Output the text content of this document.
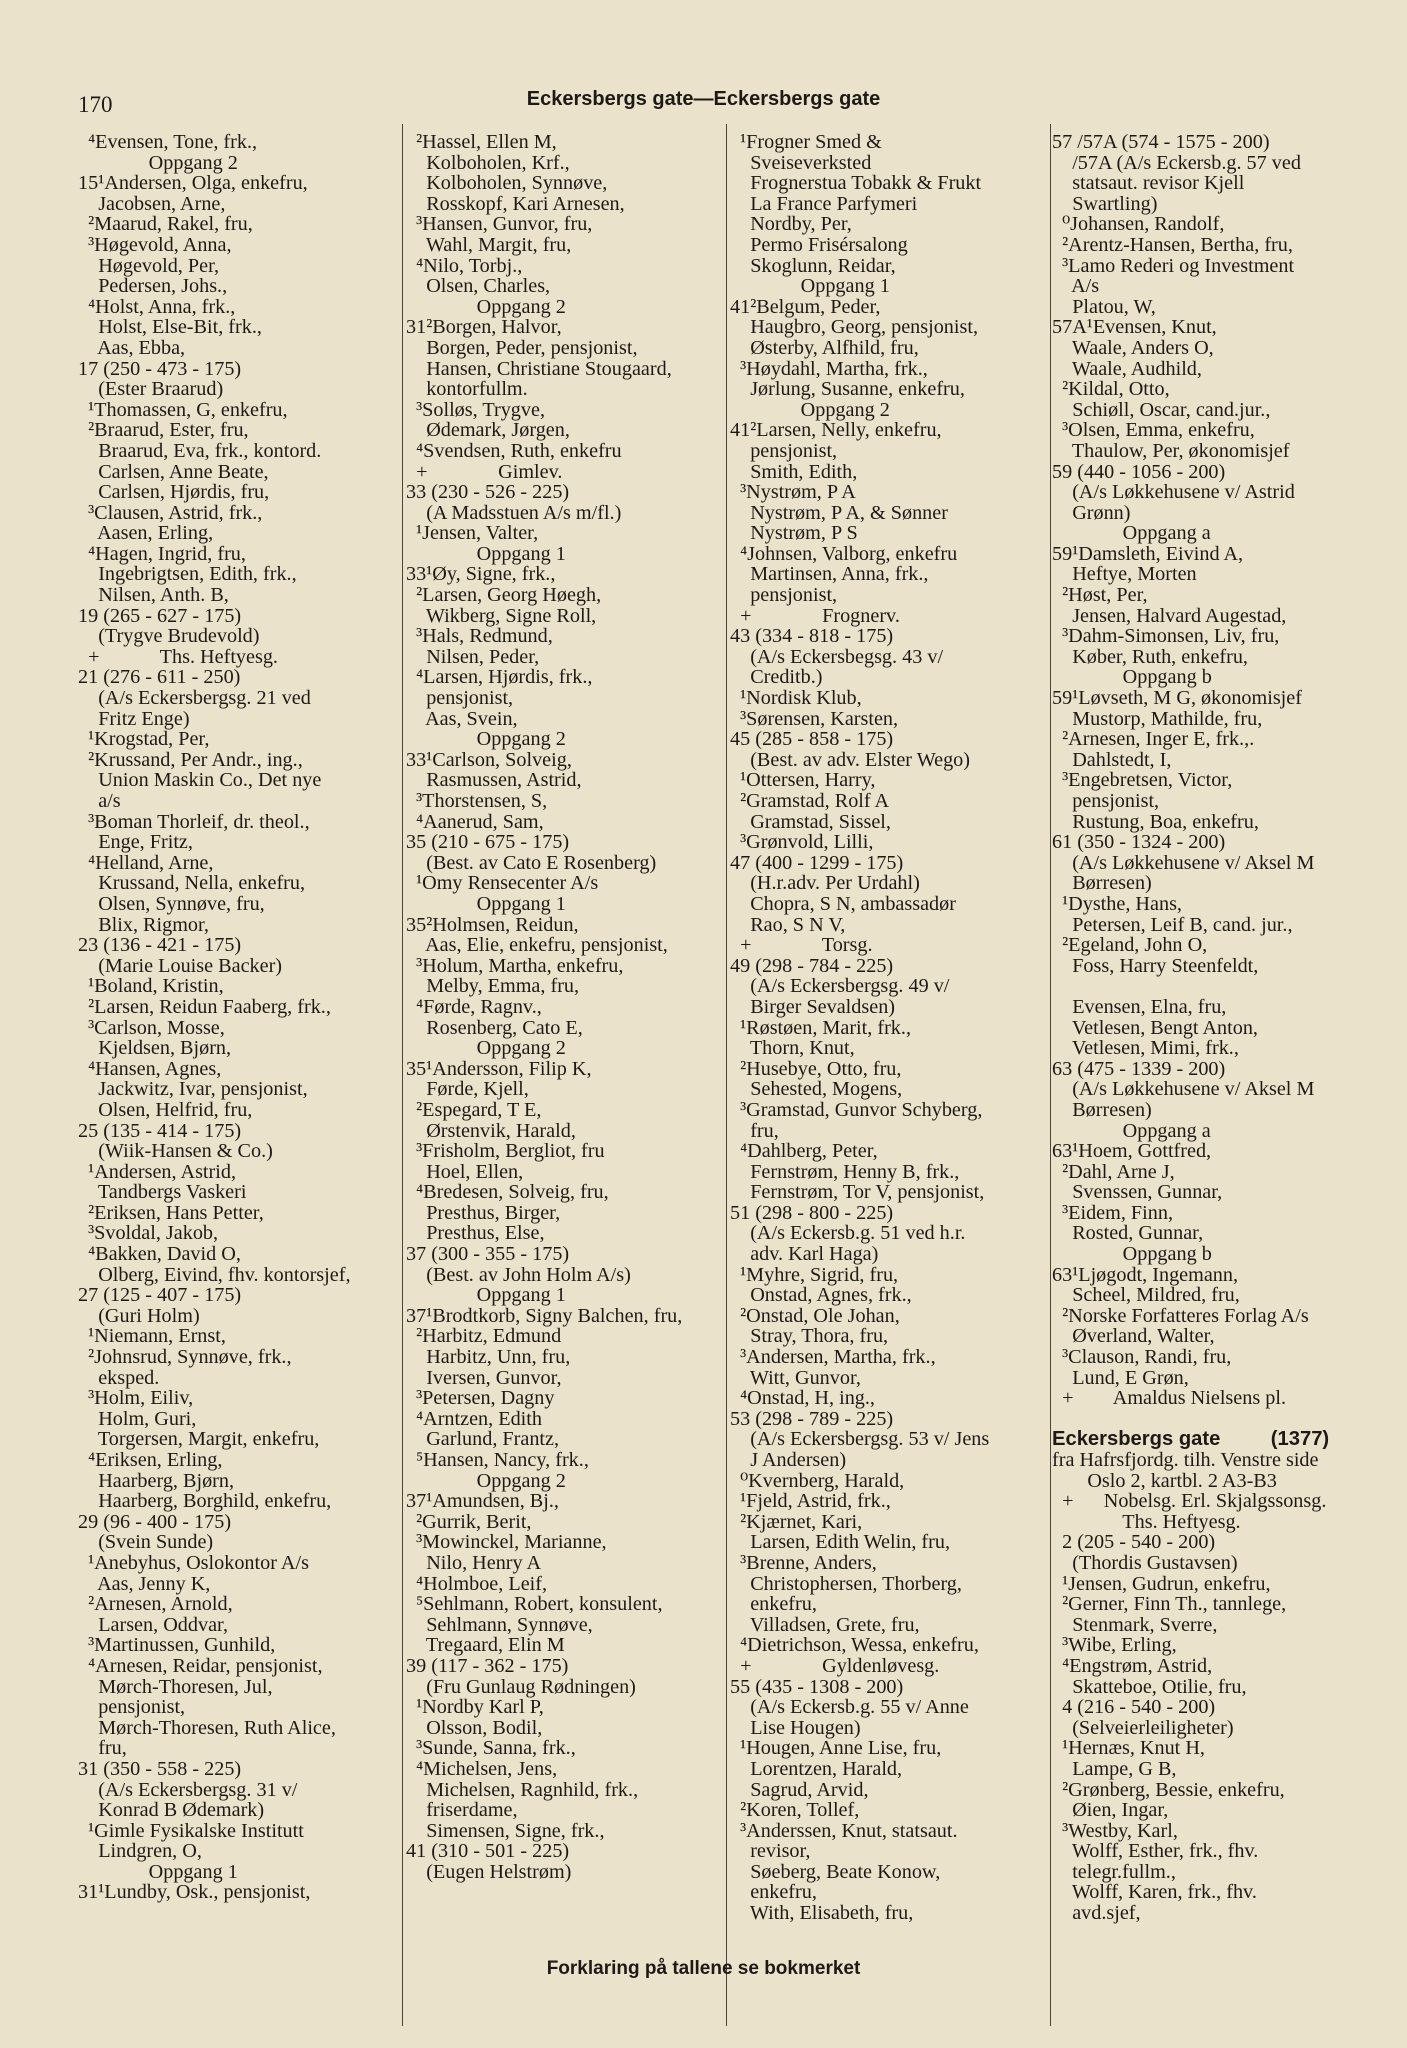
170	Eckersbergs gate—Eckersbergs gate
⁴Evensen, Tone, frk.,
Oppgang 2
15¹Andersen, Olga, enkefru,
Jacobsen, Arne,
²Maarud, Rakel, fru,
³Høgevold, Anna,
Høgevold, Per,
Pedersen, Johs.,
⁴Holst, Anna, frk.,
Holst, Else-Bit, frk.,
Aas, Ebba,
17 (250 - 473 - 175)
(Ester Braarud)
¹Thomassen, G, enkefru,
²Braarud, Ester, fru,
Braarud, Eva, frk., kontord.
Carlsen, Anne Beate,
Carlsen, Hjørdis, fru,
³Clausen, Astrid, frk.,
Aasen, Erling,
⁴Hagen, Ingrid, fru,
Ingebrigtsen, Edith, frk.,
Nilsen, Anth. B,
19 (265 - 627 - 175)
(Trygve Brudevold)
+            Ths. Heftyesg.
21 (276 - 611 - 250)
(A/s Eckersbergsg. 21 ved
Fritz Enge)
¹Krogstad, Per,
²Krussand, Per Andr., ing.,
Union Maskin Co., Det nye
a/s
³Boman Thorleif, dr. theol.,
Enge, Fritz,
⁴Helland, Arne,
Krussand, Nella, enkefru,
Olsen, Synnøve, fru,
Blix, Rigmor,
23 (136 - 421 - 175)
(Marie Louise Backer)
¹Boland, Kristin,
²Larsen, Reidun Faaberg, frk.,
³Carlson, Mosse,
Kjeldsen, Bjørn,
⁴Hansen, Agnes,
Jackwitz, Ivar, pensjonist,
Olsen, Helfrid, fru,
25 (135 - 414 - 175)
(Wiik-Hansen & Co.)
¹Andersen, Astrid,
Tandbergs Vaskeri
²Eriksen, Hans Petter,
³Svoldal, Jakob,
⁴Bakken, David O,
Olberg, Eivind, fhv. kontorsjef,
27 (125 - 407 - 175)
(Guri Holm)
¹Niemann, Ernst,
²Johnsrud, Synnøve, frk.,
eksped.
³Holm, Eiliv,
Holm, Guri,
Torgersen, Margit, enkefru,
⁴Eriksen, Erling,
Haarberg, Bjørn,
Haarberg, Borghild, enkefru,
29 (96 - 400 - 175)
(Svein Sunde)
¹Anebyhus, Oslokontor A/s
Aas, Jenny K,
²Arnesen, Arnold,
Larsen, Oddvar,
³Martinussen, Gunhild,
⁴Arnesen, Reidar, pensjonist,
Mørch-Thoresen, Jul,
pensjonist,
Mørch-Thoresen, Ruth Alice,
fru,
31 (350 - 558 - 225)
(A/s Eckersbergsg. 31 v/
Konrad B Ødemark)
¹Gimle Fysikalske Institutt
Lindgren, O,
Oppgang 1
31¹Lundby, Osk., pensjonist,
²Hassel, Ellen M,
Kolboholen, Krf.,
Kolboholen, Synnøve,
Rosskopf, Kari Arnesen,
³Hansen, Gunvor, fru,
Wahl, Margit, fru,
⁴Nilo, Torbj.,
Olsen, Charles,
Oppgang 2
31²Borgen, Halvor,
Borgen, Peder, pensjonist,
Hansen, Christiane Stougaard,
kontorfullm.
³Solløs, Trygve,
Ødemark, Jørgen,
⁴Svendsen, Ruth, enkefru
+              Gimlev.
33 (230 - 526 - 225)
(A Madsstuen A/s m/fl.)
¹Jensen, Valter,
Oppgang 1
33¹Øy, Signe, frk.,
²Larsen, Georg Høegh,
Wikberg, Signe Roll,
³Hals, Redmund,
Nilsen, Peder,
⁴Larsen, Hjørdis, frk.,
pensjonist,
Aas, Svein,
Oppgang 2
33¹Carlson, Solveig,
Rasmussen, Astrid,
³Thorstensen, S,
⁴Aanerud, Sam,
35 (210 - 675 - 175)
(Best. av Cato E Rosenberg)
¹Omy Rensecenter A/s
Oppgang 1
35²Holmsen, Reidun,
Aas, Elie, enkefru, pensjonist,
³Holum, Martha, enkefru,
Melby, Emma, fru,
⁴Førde, Ragnv.,
Rosenberg, Cato E,
Oppgang 2
35¹Andersson, Filip K,
Førde, Kjell,
²Espegard, T E,
Ørstenvik, Harald,
³Frisholm, Bergliot, fru
Hoel, Ellen,
⁴Bredesen, Solveig, fru,
Presthus, Birger,
Presthus, Else,
37 (300 - 355 - 175)
(Best. av John Holm A/s)
Oppgang 1
37¹Brodtkorb, Signy Balchen, fru,
²Harbitz, Edmund
Harbitz, Unn, fru,
Iversen, Gunvor,
³Petersen, Dagny
⁴Arntzen, Edith
Garlund, Frantz,
⁵Hansen, Nancy, frk.,
Oppgang 2
37¹Amundsen, Bj.,
²Gurrik, Berit,
³Mowinckel, Marianne,
Nilo, Henry A
⁴Holmboe, Leif,
⁵Sehlmann, Robert, konsulent,
Sehlmann, Synnøve,
Tregaard, Elin M
39 (117 - 362 - 175)
(Fru Gunlaug Rødningen)
¹Nordby Karl P,
Olsson, Bodil,
³Sunde, Sanna, frk.,
⁴Michelsen, Jens,
Michelsen, Ragnhild, frk.,
friserdame,
Simensen, Signe, frk.,
41 (310 - 501 - 225)
(Eugen Helstrøm)
¹Frogner Smed &
Sveiseverksted
Frognerstua Tobakk & Frukt
La France Parfymeri
Nordby, Per,
Permo Frisérsalong
Skoglunn, Reidar,
Oppgang 1
41²Belgum, Peder,
Haugbro, Georg, pensjonist,
Østerby, Alfhild, fru,
³Høydahl, Martha, frk.,
Jørlung, Susanne, enkefru,
Oppgang 2
41²Larsen, Nelly, enkefru,
pensjonist,
Smith, Edith,
³Nystrøm, P A
Nystrøm, P A, & Sønner
Nystrøm, P S
⁴Johnsen, Valborg, enkefru
Martinsen, Anna, frk.,
pensjonist,
+              Frognerv.
43 (334 - 818 - 175)
(A/s Eckersbegsg. 43 v/
Creditb.)
¹Nordisk Klub,
³Sørensen, Karsten,
45 (285 - 858 - 175)
(Best. av adv. Elster Wego)
¹Ottersen, Harry,
²Gramstad, Rolf A
Gramstad, Sissel,
³Grønvold, Lilli,
47 (400 - 1299 - 175)
(H.r.adv. Per Urdahl)
Chopra, S N, ambassadør
Rao, S N V,
+              Torsg.
49 (298 - 784 - 225)
(A/s Eckersbergsg. 49 v/
Birger Sevaldsen)
¹Røstøen, Marit, frk.,
Thorn, Knut,
²Husebye, Otto, fru,
Sehested, Mogens,
³Gramstad, Gunvor Schyberg,
fru,
⁴Dahlberg, Peter,
Fernstrøm, Henny B, frk.,
Fernstrøm, Tor V, pensjonist,
51 (298 - 800 - 225)
(A/s Eckersb.g. 51 ved h.r.
adv. Karl Haga)
¹Myhre, Sigrid, fru,
Onstad, Agnes, frk.,
²Onstad, Ole Johan,
Stray, Thora, fru,
³Andersen, Martha, frk.,
Witt, Gunvor,
⁴Onstad, H, ing.,
53 (298 - 789 - 225)
(A/s Eckersbergsg. 53 v/ Jens
J Andersen)
⁰Kvernberg, Harald,
¹Fjeld, Astrid, frk.,
²Kjærnet, Kari,
Larsen, Edith Welin, fru,
³Brenne, Anders,
Christophersen, Thorberg,
enkefru,
Villadsen, Grete, fru,
⁴Dietrichson, Wessa, enkefru,
+              Gyldenløvesg.
55 (435 - 1308 - 200)
(A/s Eckersb.g. 55 v/ Anne
Lise Hougen)
¹Hougen, Anne Lise, fru,
Lorentzen, Harald,
Sagrud, Arvid,
²Koren, Tollef,
³Anderssen, Knut, statsaut.
revisor,
Søeberg, Beate Konow,
enkefru,
With, Elisabeth, fru,
57 /57A (574 - 1575 - 200)
/57A (A/s Eckersb.g. 57 ved
statsaut. revisor Kjell
Swartling)
⁰Johansen, Randolf,
²Arentz-Hansen, Bertha, fru,
³Lamo Rederi og Investment
A/s
Platou, W,
57A¹Evensen, Knut,
Waale, Anders O,
Waale, Audhild,
²Kildal, Otto,
Schiøll, Oscar, cand.jur.,
³Olsen, Emma, enkefru,
Thaulow, Per, økonomisjef
59 (440 - 1056 - 200)
(A/s Løkkehusene v/ Astrid
Grønn)
Oppgang a
59¹Damsleth, Eivind A,
Heftye, Morten
²Høst, Per,
Jensen, Halvard Augestad,
³Dahm-Simonsen, Liv, fru,
Køber, Ruth, enkefru,
Oppgang b
59¹Løvseth, M G, økonomisjef
Mustorp, Mathilde, fru,
²Arnesen, Inger E, frk.,.
Dahlstedt, I,
³Engebretsen, Victor,
pensjonist,
Rustung, Boa, enkefru,
61 (350 - 1324 - 200)
(A/s Løkkehusene v/ Aksel M
Børresen)
¹Dysthe, Hans,
Petersen, Leif B, cand. jur.,
²Egeland, John O,
Foss, Harry Steenfeldt,
Evensen, Elna, fru,
Vetlesen, Bengt Anton,
Vetlesen, Mimi, frk.,
63 (475 - 1339 - 200)
(A/s Løkkehusene v/ Aksel M
Børresen)
Oppgang a
63¹Hoem, Gottfred,
²Dahl, Arne J,
Svenssen, Gunnar,
³Eidem, Finn,
Rosted, Gunnar,
Oppgang b
63¹Ljøgodt, Ingemann,
Scheel, Mildred, fru,
²Norske Forfatteres Forlag A/s
Øverland, Walter,
³Clauson, Randi, fru,
Lund, E Grøn,
+        Amaldus Nielsens pl.
Eckersbergs gate         (1377)
fra Hafrsfjordg. tilh. Venstre side
Oslo 2, kartbl. 2 A3-B3
+      Nobelsg. Erl. Skjalgssonsg.
Ths. Heftyesg.
2 (205 - 540 - 200)
(Thordis Gustavsen)
¹Jensen, Gudrun, enkefru,
²Gerner, Finn Th., tannlege,
Stenmark, Sverre,
³Wibe, Erling,
⁴Engstrøm, Astrid,
Skatteboe, Otilie, fru,
4 (216 - 540 - 200)
(Selveierleiligheter)
¹Hernæs, Knut H,
Lampe, G B,
²Grønberg, Bessie, enkefru,
Øien, Ingar,
³Westby, Karl,
Wolff, Esther, frk., fhv.
telegr.fullm.,
Wolff, Karen, frk., fhv.
avd.sjef,
Forklaring på tallene se bokmerket
